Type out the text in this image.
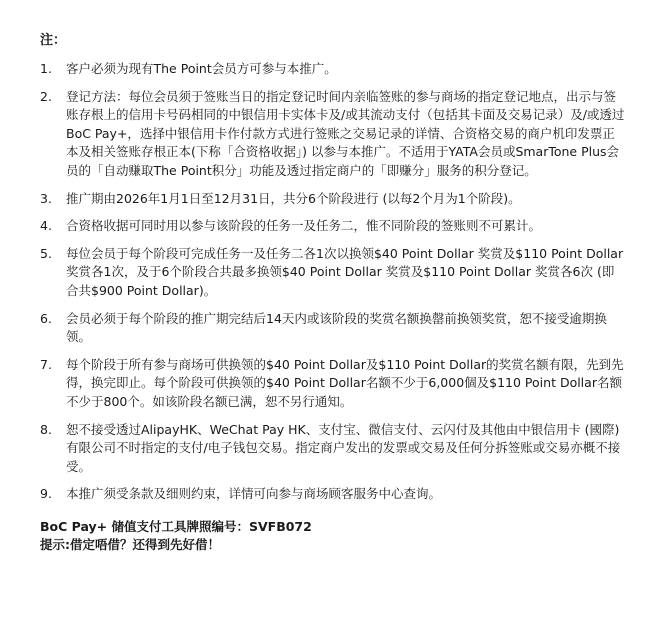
注：
1.	客户必须为现有The Point会员方可参与本推广。
2.	登记方法：每位会员须于签账当日的指定登记时间内亲临签账的参与商场的指定登记地点，出示与签账存根上的信用卡号码相同的中银信用卡实体卡及/或其流动支付（包括其卡面及交易记录）及/或透过BoC Pay+，选择中银信用卡作付款方式进行签账之交易记录的详情、合资格交易的商户机印发票正本及相关签账存根正本(下称「合资格收据」) 以参与本推广。不适用于YATA会员或SmarTone Plus会员的「自动赚取The Point积分」功能及透过指定商户的「即赚分」服务的积分登记。
3.	推广期由2026年1月1日至12月31日，共分6个阶段进行 (以每2个月为1个阶段)。
4.	合资格收据可同时用以参与该阶段的任务一及任务二，惟不同阶段的签账则不可累计。
5.	每位会员于每个阶段可完成任务一及任务二各1次以换领$40 Point Dollar 奖赏及$110 Point Dollar 奖赏各1次，及于6个阶段合共最多换领$40 Point Dollar 奖赏及$110 Point Dollar 奖赏各6次 (即合共$900 Point Dollar)。
6.	会员必须于每个阶段的推广期完结后14天内或该阶段的奖赏名额换罄前换领奖赏，恕不接受逾期换领。
7.	每个阶段于所有参与商场可供换领的$40 Point Dollar及$110 Point Dollar的奖赏名额有限，先到先得，换完即止。每个阶段可供换领的$40 Point Dollar名额不少于6,000個及$110 Point Dollar名额不少于800个。如该阶段名额已满，恕不另行通知。
8.	恕不接受透过AlipayHK、WeChat Pay HK、支付宝、微信支付、云闪付及其他由中银信用卡 (國際)有限公司不时指定的支付/电子钱包交易。指定商户发出的发票或交易及任何分拆签账或交易亦概不接受。
9.	本推广须受条款及细则约束，详情可向参与商场顾客服务中心查询。
BoC Pay+ 储值支付工具牌照编号：SVFB072
提示:借定唔借？还得到先好借！
